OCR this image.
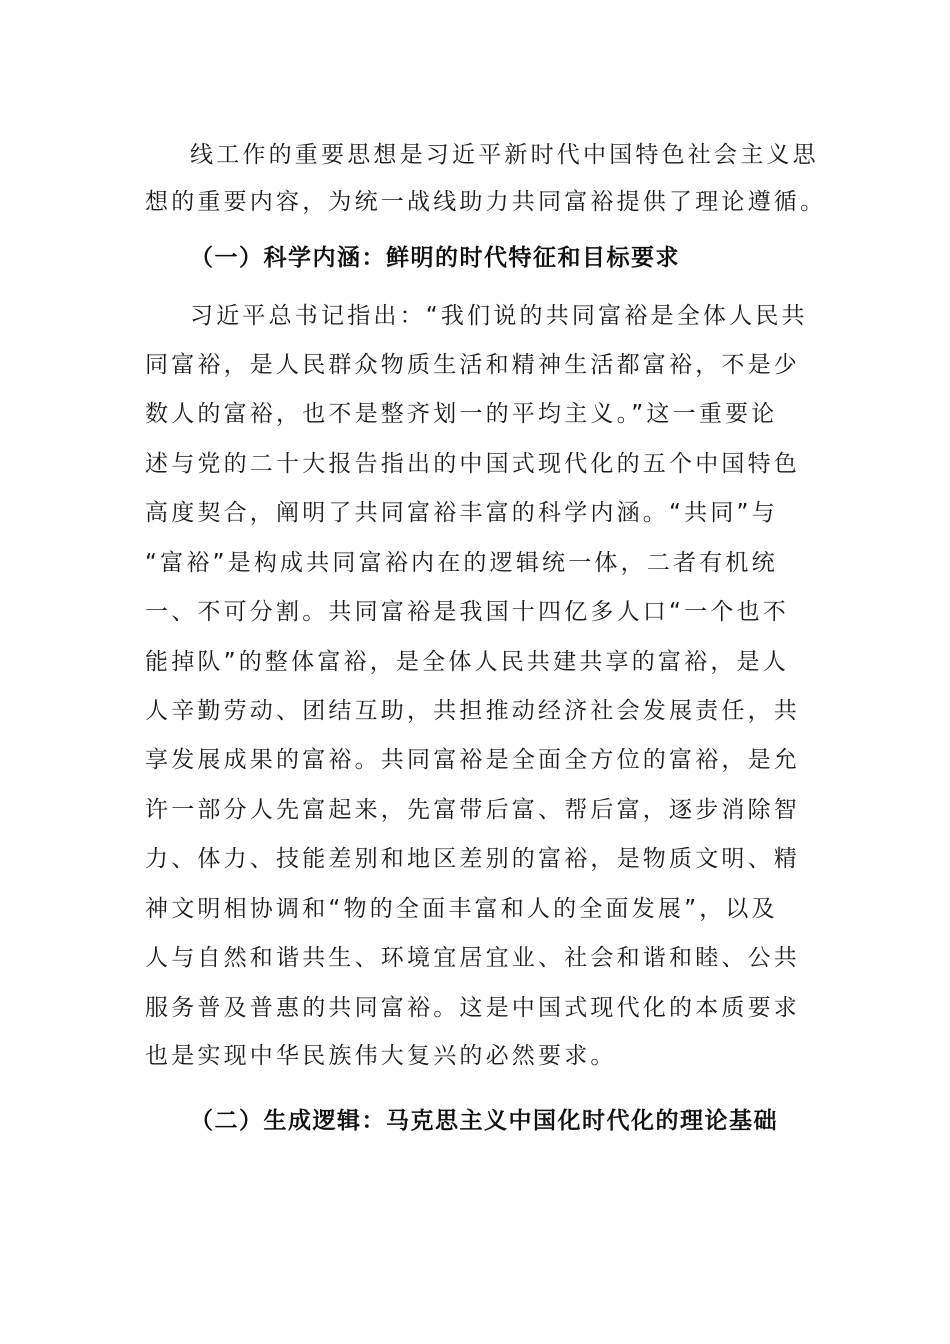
线工作的重要思想是习近平新时代中国特色社会主义思
想的重要内容，为统一战线助力共同富裕提供了理论遵循。
（一）科学内涵：鲜明的时代特征和目标要求
习近平总书记指出：“我们说的共同富裕是全体人民共
同富裕，是人民群众物质生活和精神生活都富裕，不是少
数人的富裕，也不是整齐划一的平均主义。”这一重要论
述与党的二十大报告指出的中国式现代化的五个中国特色
高度契合，阐明了共同富裕丰富的科学内涵。“共同”与
“富裕”是构成共同富裕内在的逻辑统一体，二者有机统
一、不可分割。共同富裕是我国十四亿多人口“一个也不
能掉队”的整体富裕，是全体人民共建共享的富裕，是人
人辛勤劳动、团结互助，共担推动经济社会发展责任，共
享发展成果的富裕。共同富裕是全面全方位的富裕，是允
许一部分人先富起来，先富带后富、帮后富，逐步消除智
力、体力、技能差别和地区差别的富裕，是物质文明、精
神文明相协调和“物的全面丰富和人的全面发展”，以及
人与自然和谐共生、环境宜居宜业、社会和谐和睦、公共
服务普及普惠的共同富裕。这是中国式现代化的本质要求
也是实现中华民族伟大复兴的必然要求。
（二）生成逻辑：马克思主义中国化时代化的理论基础
